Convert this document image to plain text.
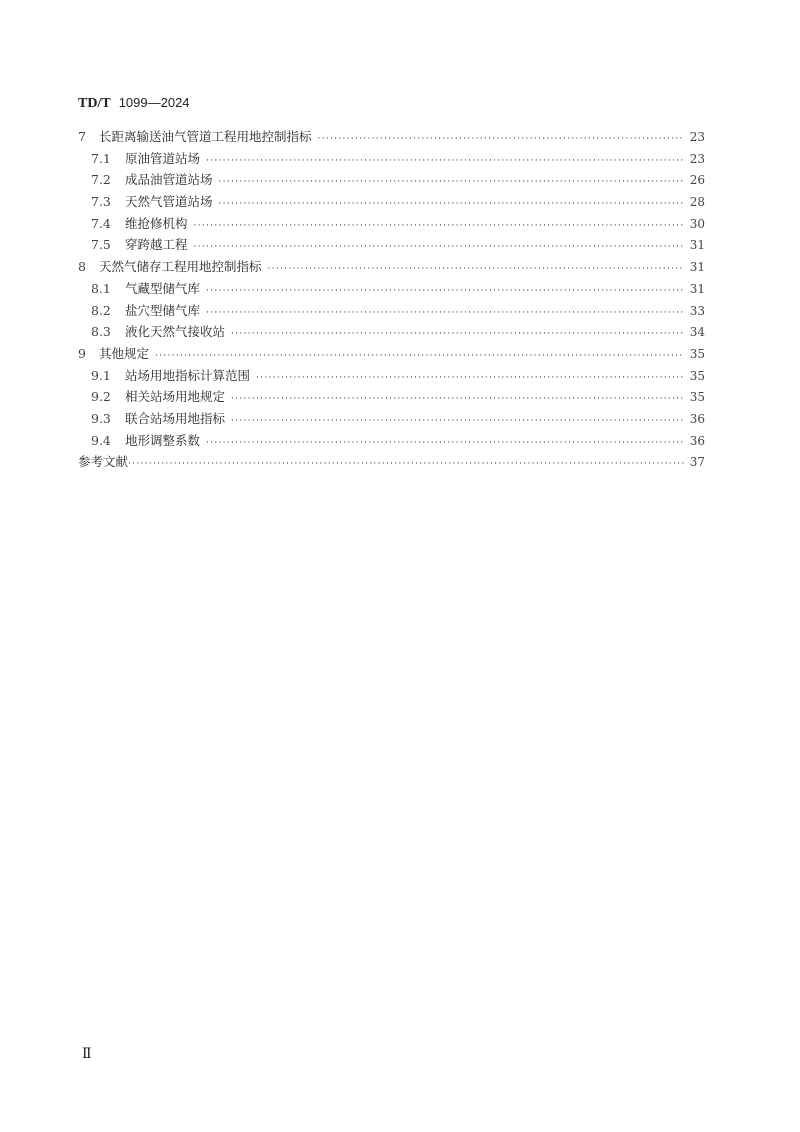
TD/T 1099—2024
7	长距离输送油气管道工程用地控制指标 ·····	23
7.1	原油管道站场 ·····	23
7.2	成品油管道站场 ·····	26
7.3	天然气管道站场 ·····	28
7.4	维抢修机构 ·····	30
7.5	穿跨越工程 ·····	31
8	天然气储存工程用地控制指标 ·····	31
8.1	气藏型储气库 ·····	31
8.2	盐穴型储气库 ·····	33
8.3	液化天然气接收站 ·····	34
9	其他规定 ·····	35
9.1	站场用地指标计算范围 ·····	35
9.2	相关站场用地规定 ·····	35
9.3	联合站场用地指标 ·····	36
9.4	地形调整系数 ·····	36
参考文献 ·····	37
Ⅱ
